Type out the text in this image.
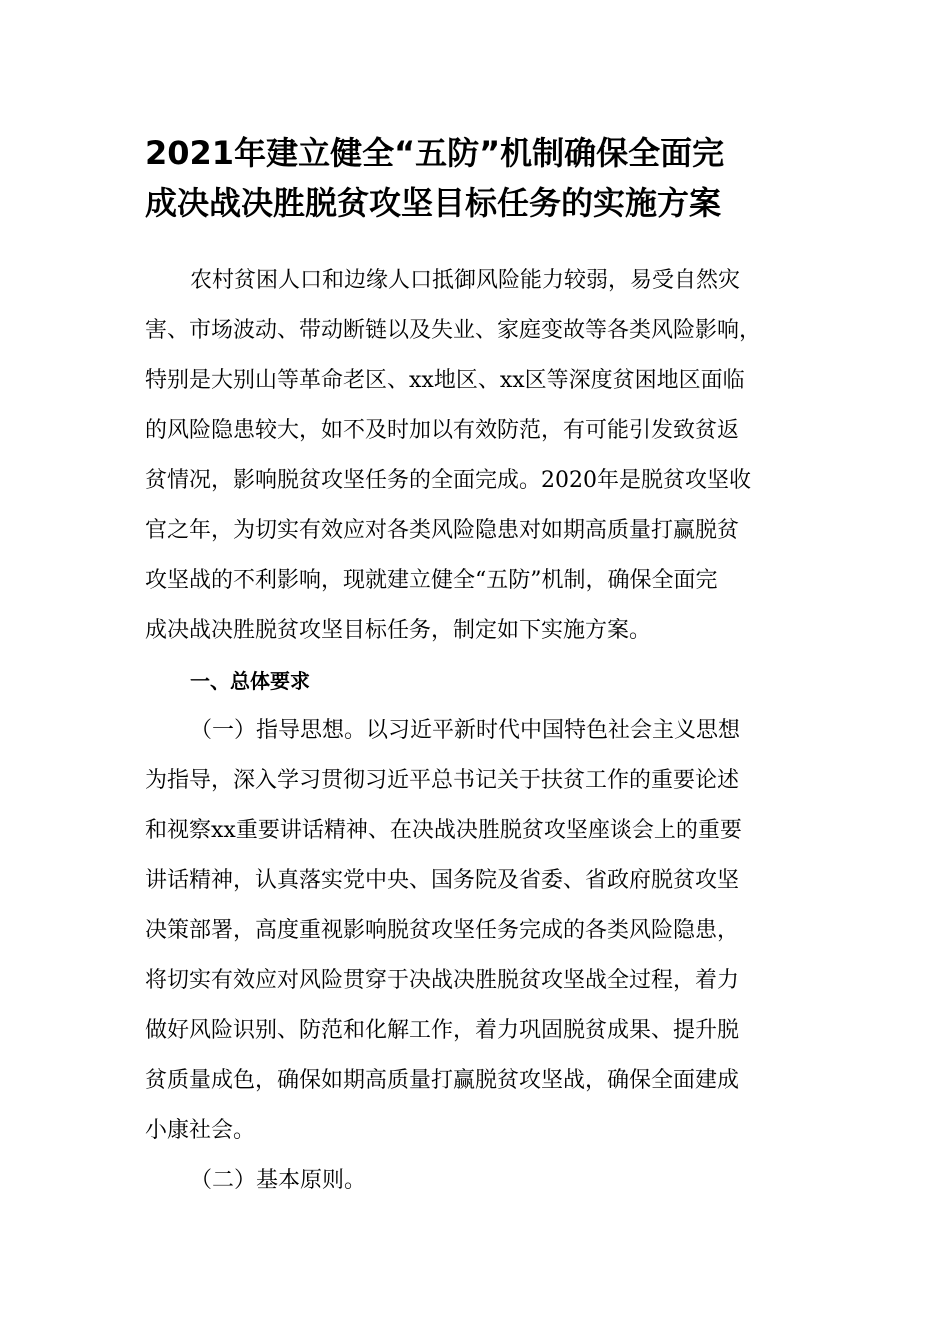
2021年建立健全“五防”机制确保全面完
成决战决胜脱贫攻坚目标任务的实施方案

农村贫困人口和边缘人口抵御风险能力较弱，易受自然灾
害、市场波动、带动断链以及失业、家庭变故等各类风险影响，
特别是大别山等革命老区、xx地区、xx区等深度贫困地区面临
的风险隐患较大，如不及时加以有效防范，有可能引发致贫返
贫情况，影响脱贫攻坚任务的全面完成。2020年是脱贫攻坚收
官之年，为切实有效应对各类风险隐患对如期高质量打赢脱贫
攻坚战的不利影响，现就建立健全“五防”机制，确保全面完
成决战决胜脱贫攻坚目标任务，制定如下实施方案。

一、总体要求

（一）指导思想。以习近平新时代中国特色社会主义思想
为指导，深入学习贯彻习近平总书记关于扶贫工作的重要论述
和视察xx重要讲话精神、在决战决胜脱贫攻坚座谈会上的重要
讲话精神，认真落实党中央、国务院及省委、省政府脱贫攻坚
决策部署，高度重视影响脱贫攻坚任务完成的各类风险隐患，
将切实有效应对风险贯穿于决战决胜脱贫攻坚战全过程，着力
做好风险识别、防范和化解工作，着力巩固脱贫成果、提升脱
贫质量成色，确保如期高质量打赢脱贫攻坚战，确保全面建成
小康社会。

（二）基本原则。
